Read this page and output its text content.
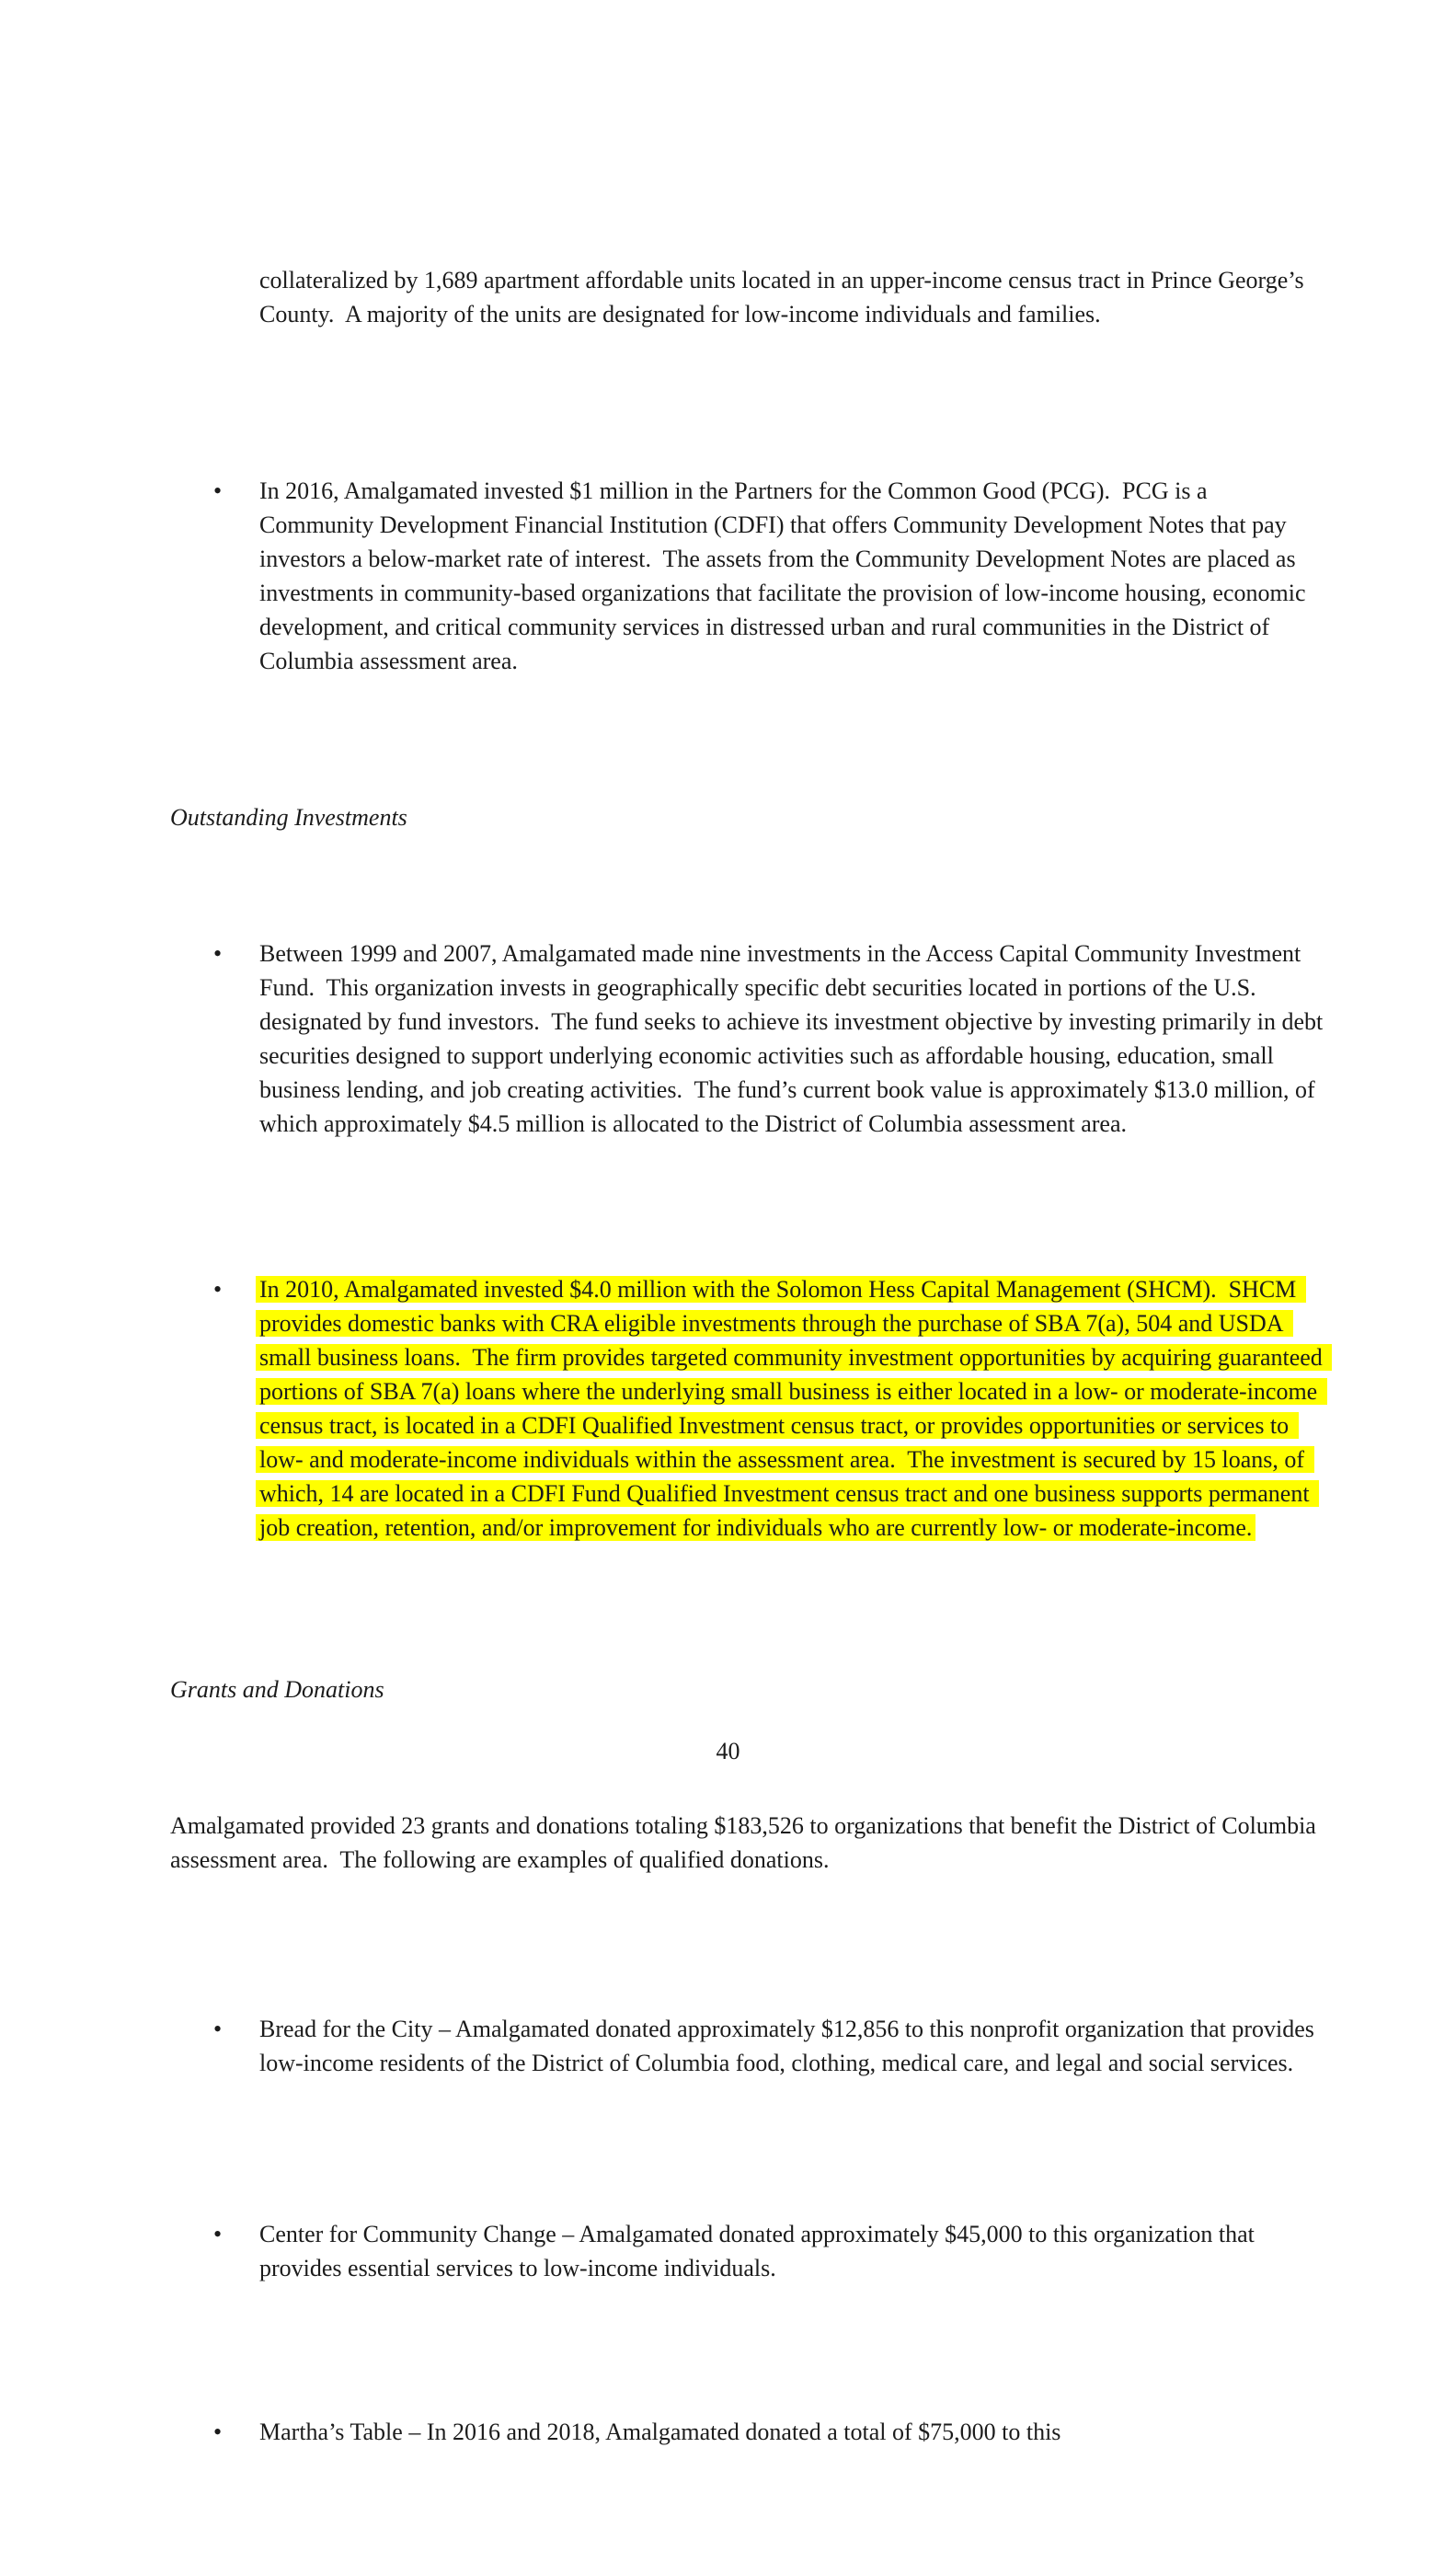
collateralized by 1,689 apartment affordable units located in an upper-income census tract in Prince George’s County.  A majority of the units are designated for low-income individuals and families.

•	In 2016, Amalgamated invested $1 million in the Partners for the Common Good (PCG).  PCG is a Community Development Financial Institution (CDFI) that offers Community Development Notes that pay investors a below-market rate of interest.  The assets from the Community Development Notes are placed as investments in community-based organizations that facilitate the provision of low-income housing, economic development, and critical community services in distressed urban and rural communities in the District of Columbia assessment area.

Outstanding Investments

•	Between 1999 and 2007, Amalgamated made nine investments in the Access Capital Community Investment Fund.  This organization invests in geographically specific debt securities located in portions of the U.S. designated by fund investors.  The fund seeks to achieve its investment objective by investing primarily in debt securities designed to support underlying economic activities such as affordable housing, education, small business lending, and job creating activities.  The fund’s current book value is approximately $13.0 million, of which approximately $4.5 million is allocated to the District of Columbia assessment area.

•	In 2010, Amalgamated invested $4.0 million with the Solomon Hess Capital Management (SHCM).  SHCM provides domestic banks with CRA eligible investments through the purchase of SBA 7(a), 504 and USDA small business loans.  The firm provides targeted community investment opportunities by acquiring guaranteed portions of SBA 7(a) loans where the underlying small business is either located in a low- or moderate-income census tract, is located in a CDFI Qualified Investment census tract, or provides opportunities or services to low- and moderate-income individuals within the assessment area.  The investment is secured by 15 loans, of which, 14 are located in a CDFI Fund Qualified Investment census tract and one business supports permanent job creation, retention, and/or improvement for individuals who are currently low- or moderate-income.

Grants and Donations

Amalgamated provided 23 grants and donations totaling $183,526 to organizations that benefit the District of Columbia assessment area.  The following are examples of qualified donations.

•	Bread for the City – Amalgamated donated approximately $12,856 to this nonprofit organization that provides low-income residents of the District of Columbia food, clothing, medical care, and legal and social services.

•	Center for Community Change – Amalgamated donated approximately $45,000 to this organization that provides essential services to low-income individuals.

•	Martha’s Table – In 2016 and 2018, Amalgamated donated a total of $75,000 to this

40
